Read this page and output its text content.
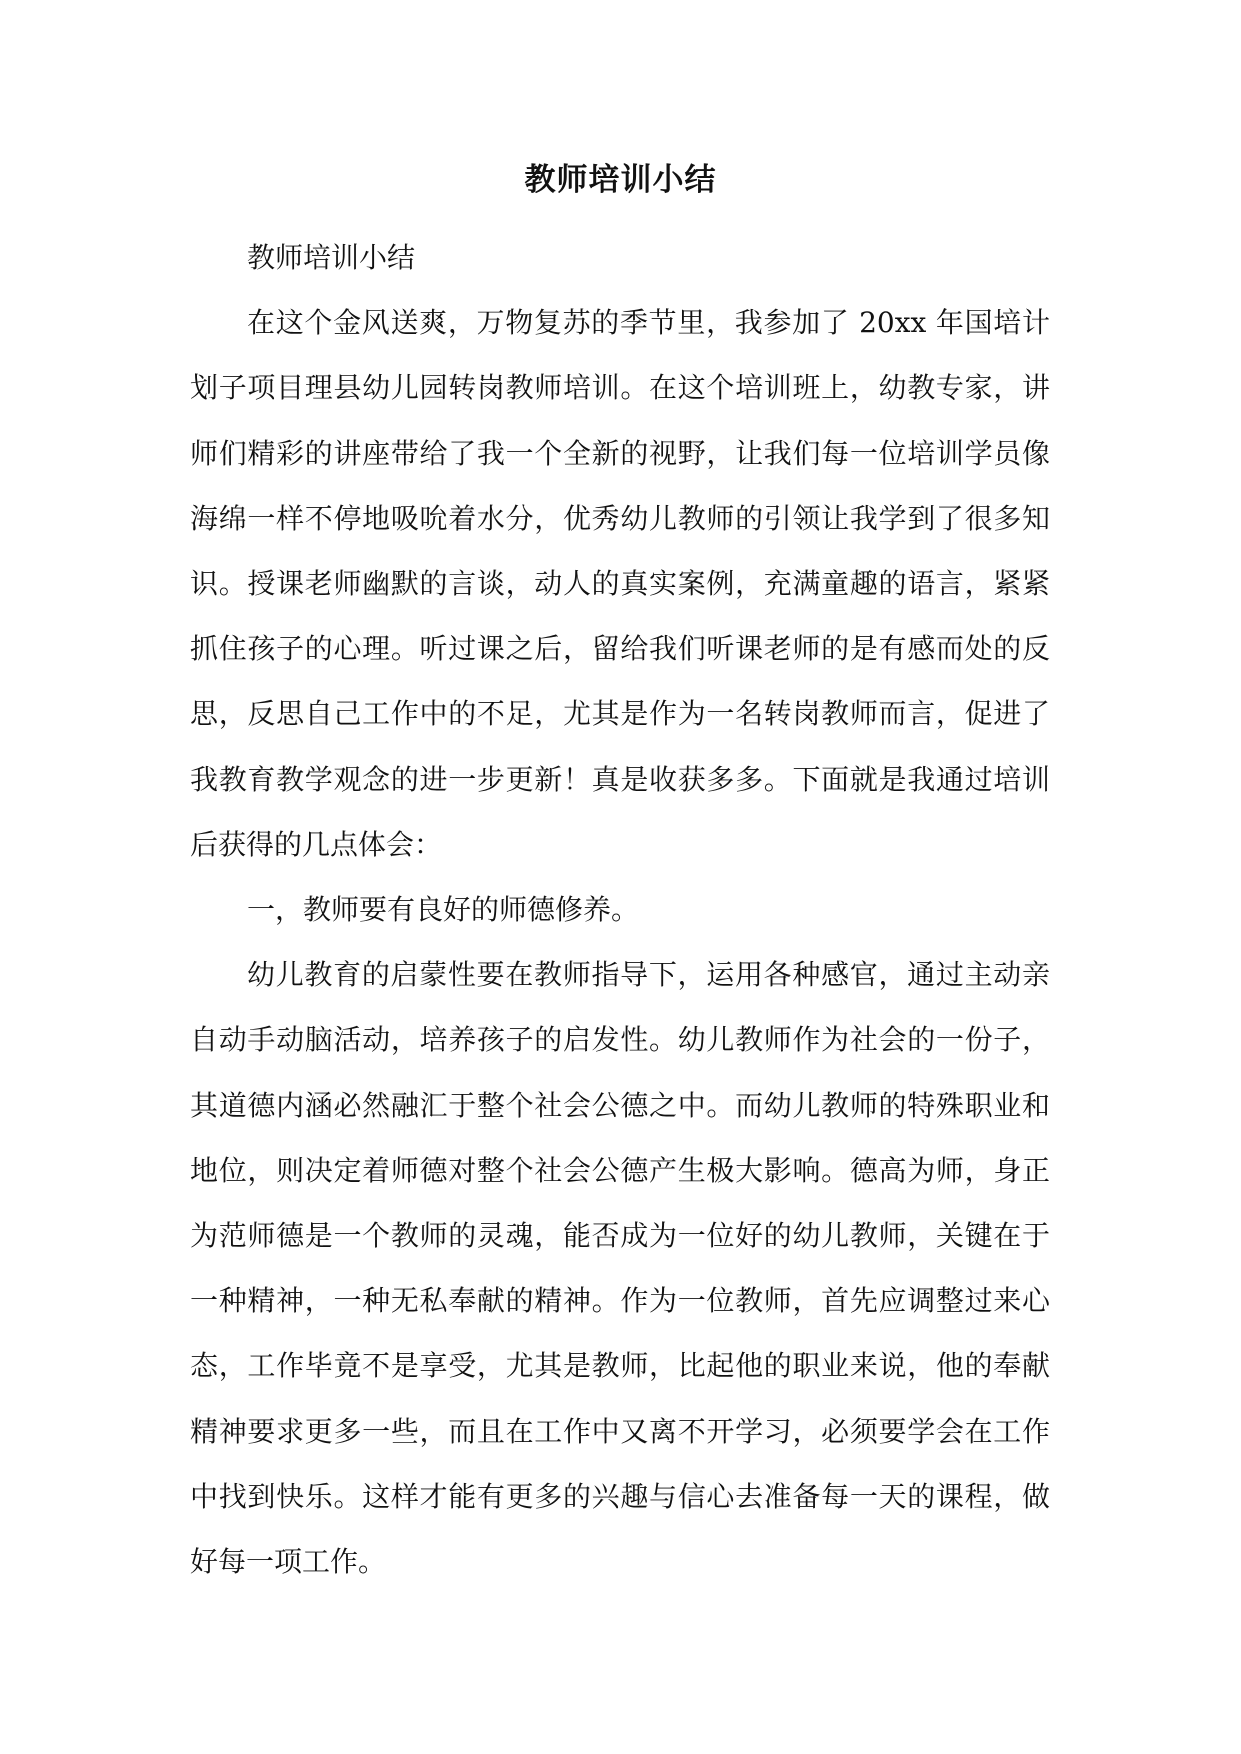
教师培训小结

教师培训小结

在这个金风送爽，万物复苏的季节里，我参加了 20xx 年国培计划子项目理县幼儿园转岗教师培训。在这个培训班上，幼教专家，讲师们精彩的讲座带给了我一个全新的视野，让我们每一位培训学员像海绵一样不停地吸吮着水分，优秀幼儿教师的引领让我学到了很多知识。授课老师幽默的言谈，动人的真实案例，充满童趣的语言，紧紧抓住孩子的心理。听过课之后，留给我们听课老师的是有感而处的反思，反思自己工作中的不足，尤其是作为一名转岗教师而言，促进了我教育教学观念的进一步更新！真是收获多多。下面就是我通过培训后获得的几点体会：

一，教师要有良好的师德修养。

幼儿教育的启蒙性要在教师指导下，运用各种感官，通过主动亲自动手动脑活动，培养孩子的启发性。幼儿教师作为社会的一份子，其道德内涵必然融汇于整个社会公德之中。而幼儿教师的特殊职业和地位，则决定着师德对整个社会公德产生极大影响。德高为师，身正为范师德是一个教师的灵魂，能否成为一位好的幼儿教师，关键在于一种精神，一种无私奉献的精神。作为一位教师，首先应调整过来心态，工作毕竟不是享受，尤其是教师，比起他的职业来说，他的奉献精神要求更多一些，而且在工作中又离不开学习，必须要学会在工作中找到快乐。这样才能有更多的兴趣与信心去准备每一天的课程，做好每一项工作。
